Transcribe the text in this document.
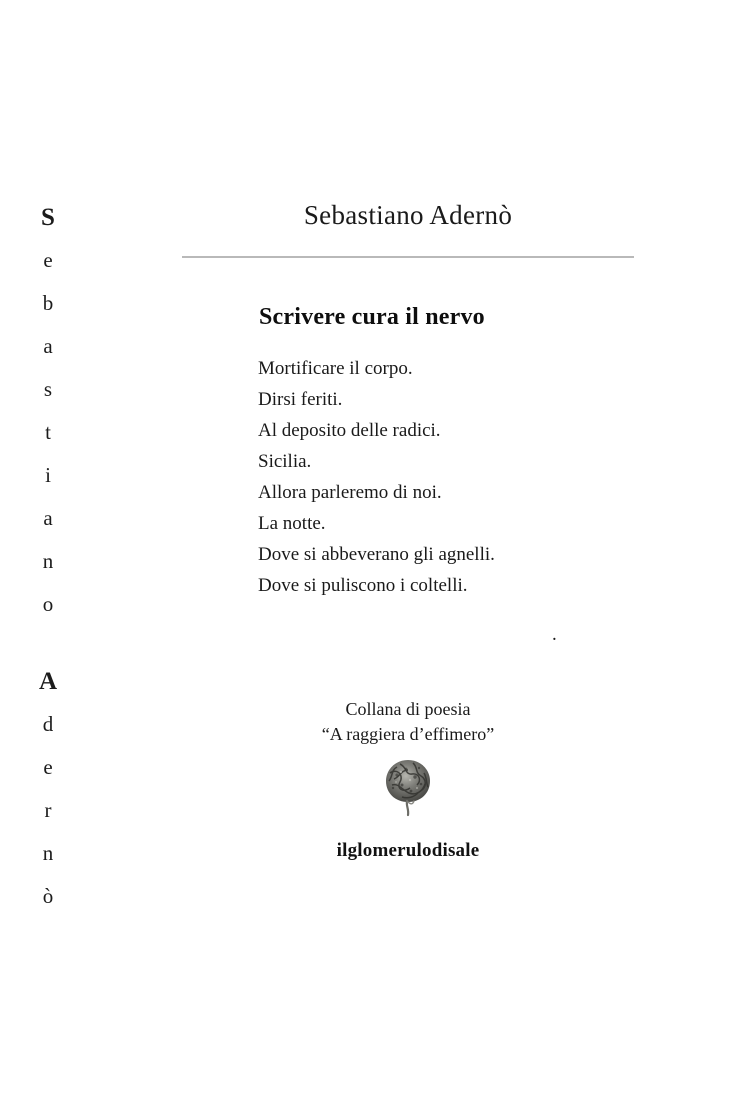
S
e
b
a
s
t
i
a
n
o
A
d
e
r
n
ò
Sebastiano Adernò
Scrivere cura il nervo
Mortificare il corpo.
Dirsi feriti.
Al deposito delle radici.
Sicilia.
Allora parleremo di noi.
La notte.
Dove si abbeverano gli agnelli.
Dove si puliscono i coltelli.
.
Collana di poesia
“A raggiera d’effimero”
ilglomerulodisale
